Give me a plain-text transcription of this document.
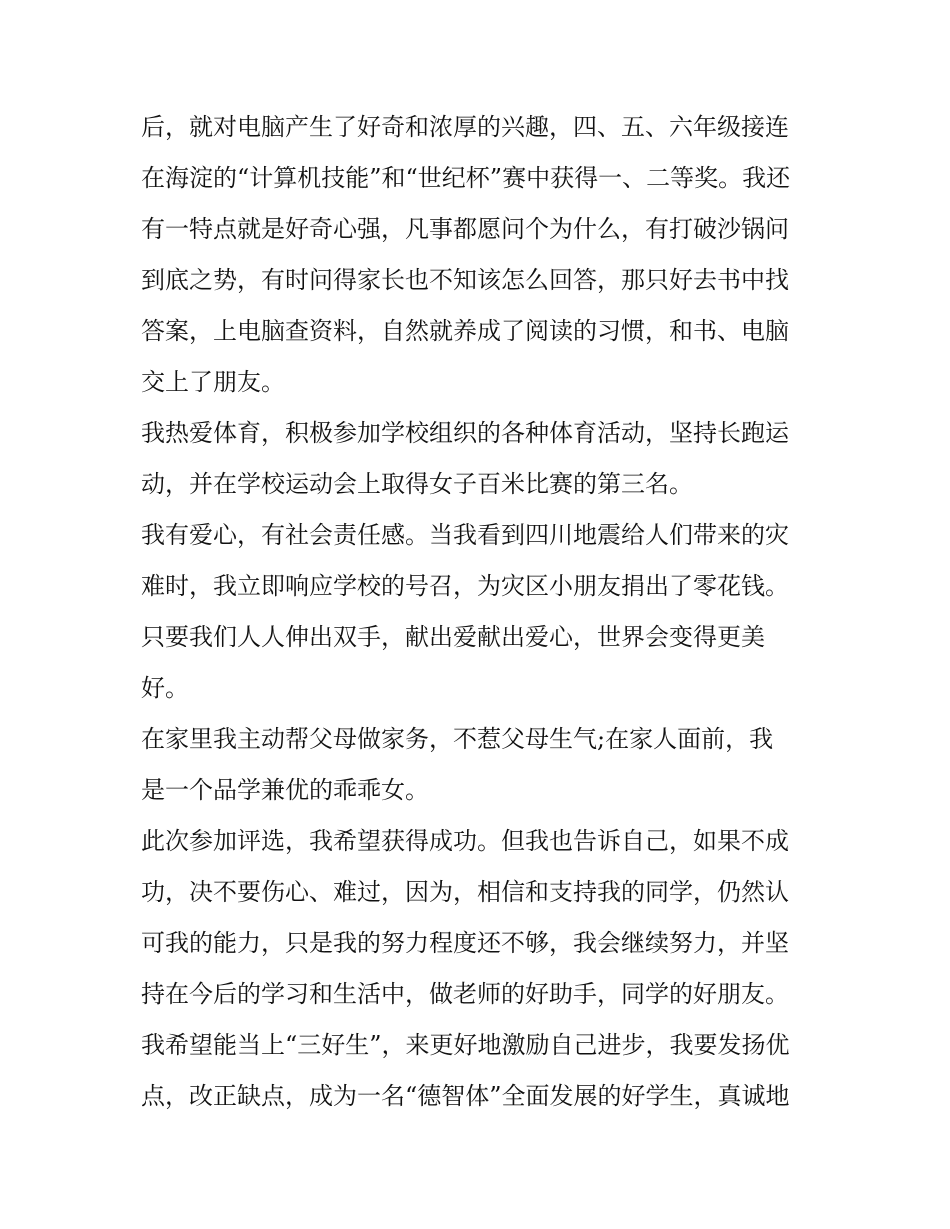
后，就对电脑产生了好奇和浓厚的兴趣，四、五、六年级接连

在海淀的“计算机技能”和“世纪杯”赛中获得一、二等奖。我还

有一特点就是好奇心强，凡事都愿问个为什么，有打破沙锅问

到底之势，有时问得家长也不知该怎么回答，那只好去书中找

答案，上电脑查资料，自然就养成了阅读的习惯，和书、电脑

交上了朋友。

我热爱体育，积极参加学校组织的各种体育活动，坚持长跑运

动，并在学校运动会上取得女子百米比赛的第三名。

我有爱心，有社会责任感。当我看到四川地震给人们带来的灾

难时，我立即响应学校的号召，为灾区小朋友捐出了零花钱。

只要我们人人伸出双手，献出爱献出爱心，世界会变得更美

好。

在家里我主动帮父母做家务，不惹父母生气;在家人面前，我

是一个品学兼优的乖乖女。

此次参加评选，我希望获得成功。但我也告诉自己，如果不成

功，决不要伤心、难过，因为，相信和支持我的同学，仍然认

可我的能力，只是我的努力程度还不够，我会继续努力，并坚

持在今后的学习和生活中，做老师的好助手，同学的好朋友。

我希望能当上“三好生”，来更好地激励自己进步，我要发扬优

点，改正缺点，成为一名“德智体”全面发展的好学生，真诚地
